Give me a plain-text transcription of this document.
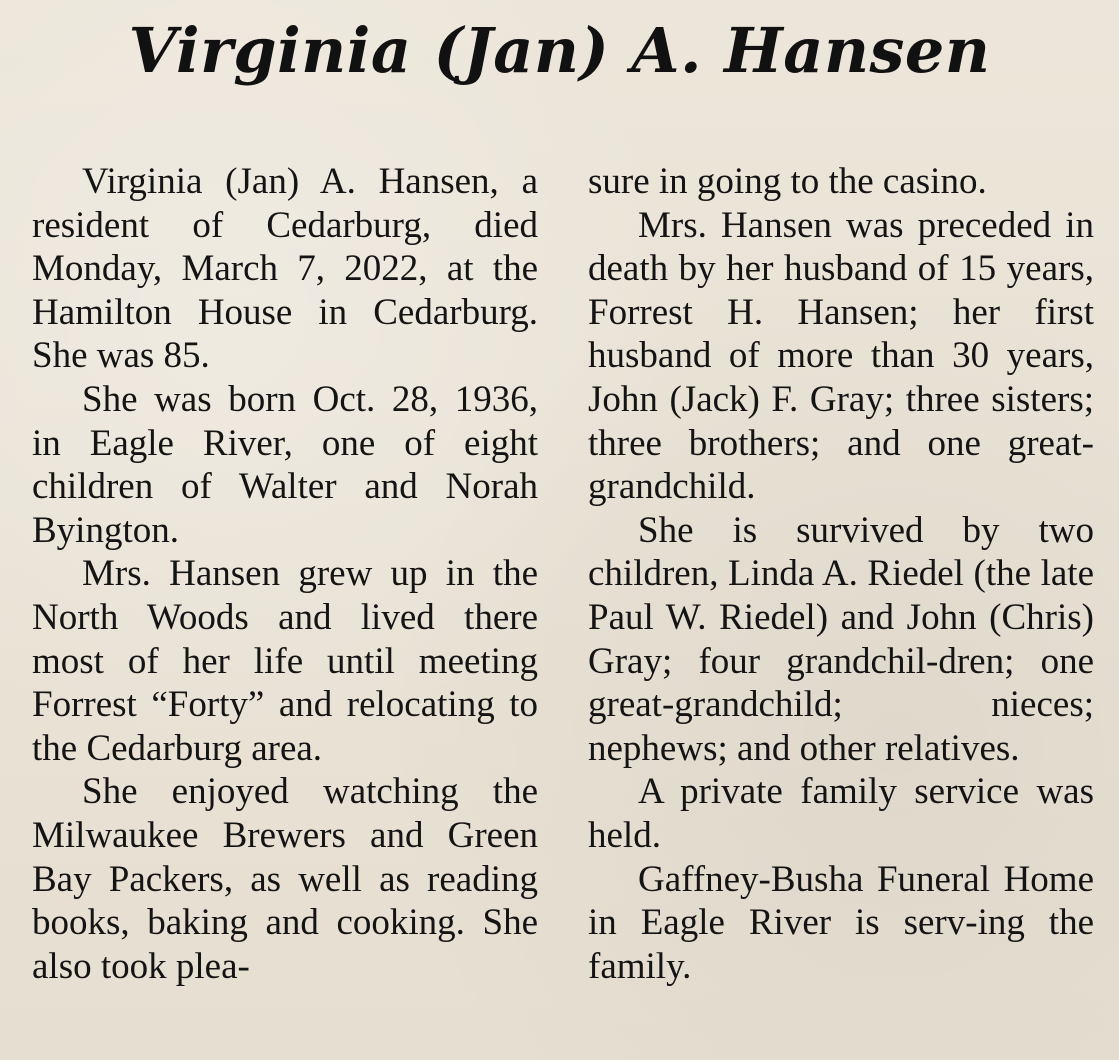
Virginia (Jan) A. Hansen

Virginia (Jan) A. Hansen, a resident of Cedarburg, died Monday, March 7, 2022, at the Hamilton House in Cedarburg. She was 85.

She was born Oct. 28, 1936, in Eagle River, one of eight children of Walter and Norah Byington.

Mrs. Hansen grew up in the North Woods and lived there most of her life until meeting Forrest “Forty” and relocating to the Cedarburg area.

She enjoyed watching the Milwaukee Brewers and Green Bay Packers, as well as reading books, baking and cooking. She also took plea-

sure in going to the casino.

Mrs. Hansen was preceded in death by her husband of 15 years, Forrest H. Hansen; her first husband of more than 30 years, John (Jack) F. Gray; three sisters; three brothers; and one great-grandchild.

She is survived by two children, Linda A. Riedel (the late Paul W. Riedel) and John (Chris) Gray; four grandchil-dren; one great-grandchild; nieces; nephews; and other relatives.

A private family service was held.

Gaffney-Busha Funeral Home in Eagle River is serv-ing the family.
